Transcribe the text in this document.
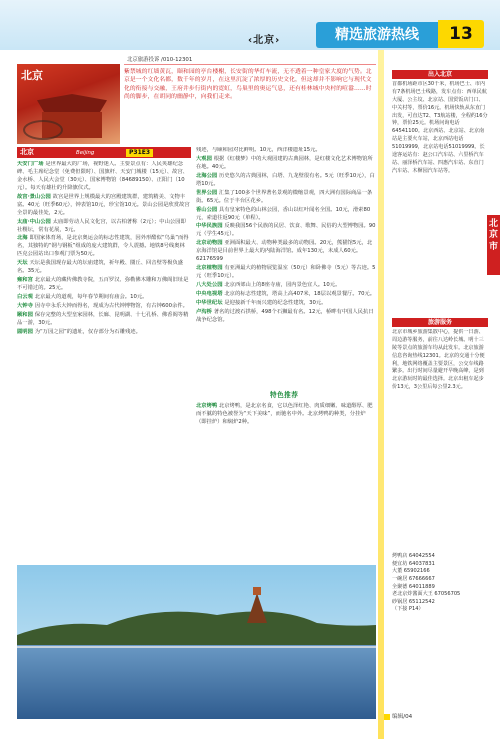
‹北京›	精选旅游热线	13
北京旅游投诉 /010-12301
北京	紫禁城的红墙黄瓦，颐和园的亭台楼榭，长安街的华灯车流，无不透着一种皇家大度的气势。北京是一个文化名都，数千年的岁月，在这里沉淀了浓厚的历史文化，但这却并不影响它与现代文化的衔接与交融，王府井步行街内的霓虹，鸟巢里的奥运气息，还有桂林城中央村的喧嚣……时尚的脚步，在胡同的幽静中，向我们走来。
北京	Beijing	P31E3
天安门广场 是世界最大的广场，视野迷人。主要景点有：人民英雄纪念碑、毛主席纪念堂（免费但限时）、国旗杆、天安门城楼（15元）、故宫、金水桥、人民大会堂（30元）、国家博物馆（84689150）、正阳门（10元）。每天有雄壮的升降旗仪式。
故宫·景山公园 故宫是世界上规模最大的宫殿建筑群，建筑精美、文物丰富。40元（旺季60元），钟表馆10元，珍宝馆10元。景山公园是欣赏故宫全景的最佳处，2元。
太庙·中山公园 太庙即劳动人民文化宫，以古柏著称（2元）；中山公园即社稷坛，常有花展，3元。
北海 即国家体育场，是北京奥运会的标志性建筑，因外形酷似“鸟巢”而得名，其独特的“钢与钢板”组成的庞大建筑群，令人震撼。地铁8号线奥林匹克公园站出口参观门票为50元。
天坛 天坛是我国现存最大的坛庙建筑，祈年殿、圜丘、回音壁等极负盛名。35元。
雍和宫 北京最大的藏传佛教寺院，五百罗汉、弥勒佛木雕和万佛阁旧址是不可错过的。25元。
白云观 北京最大的道观，每年春节期间有庙会。10元。
大钟寺 因寺中永乐大钟而得名，现成为古代钟博物馆，有古钟600余件。
颐和园 保存完整的大型皇家园林，长廊、昆明湖、十七孔桥、佛香阁等精品一游，30元。
圆明园 为“万园之园”的遗址，仅存部分为石雕残迹。
残迹，与颐和园对比鲜明。10元，西洋楼遗址15元。
大观园 根据《红楼梦》中的大观园建的古典园林，是红楼文化艺术博物馆所在地。40元。
北海公园 历史悠久的古典园林，白塔、九龙壁很有名。5元（旺季10元），白塔10元。
世界公园 汇集了100多个世界著名景观的微缩景观，四大洲有国际商品一条街。65元。位于丰台区花乡。
香山公园 具有皇家特色的山林公园，香山以红叶闻名全国。10元，滑索80元，索道往返90元（单程）。
中华民族园 反映我国56个民族的民居、饮食、歌舞、民俗的大型博物园。90元（学生45元）。
北京动物园 亚洲面积最大、动物种类最多的动物园。20元，熊猫馆5元，北京海洋馆是目前世界上最大的内陆海洋馆。成年130元，未成人60元。62176599
北京植物园 有亚洲最大的植物展览温室（50元）和卧佛寺（5元）等古迹。5元（旺季10元）。
八大处公园 北京西郊山上的8座寺庙，园内景色宜人。10元。
中央电视塔 北京的标志性建筑，塔高上高407米，18层以观景餐厅。70元。
中华世纪坛 是迎接新千年而兴建的纪念性建筑，30元。
卢沟桥 著名的过渡石拱桥，498个石狮最有名。12元，桥畔有中国人民抗日战争纪念馆。
特色推荐
北京烤鸭 北京烤鸭，是北京名食，它以色泽红艳、肉质细嫩、味道醇厚、肥而不腻的特色被誉为“天下美味”，而驰名中外。北京烤鸭的种类，分挂炉（即挂炉）和焖炉2种。
出入北京
首都机场距市区30千米，机场巴士、市内有7条机场巴士线路，发车点有：西单民航大厦、公主坟、北京站、国贸饭店门口、中关村等，票价16元。机场快轨从东直门出发，可直达T2、T3航站楼，全程约16分钟，票价25元。机场问询电话64541100。北京西站、北京站、北京南站是主要火车站，北京西站电话51019999，北京站电话51019999。长途客运站有：赵公口汽车站、六里桥汽车站、丽泽桥汽车站、四惠汽车站、东直门汽车站、木樨园汽车站等。
北京市
旅游服务
北京市城乡旅游集散中心，提供一日游、周边游等服务，前往八达岭长城、明十三陵等景点的旅游车均从此发车。北京旅游信息咨询热线12301。北京的交通十分便利，地铁网络覆盖主要景区，公交车线路繁多。出行时间尽量避开早晚高峰，是到北京游玩时的最佳选择。北京出租车起步价13元，3公里后每公里2.3元。
烤鸭店 64042554
便宜坊 64037831
大董 65902166
一碗居 67666667
全聚德 64011889
老北京炸酱面大王 67056705
砂锅居 65112542
（下接 P14）
编辑/04
